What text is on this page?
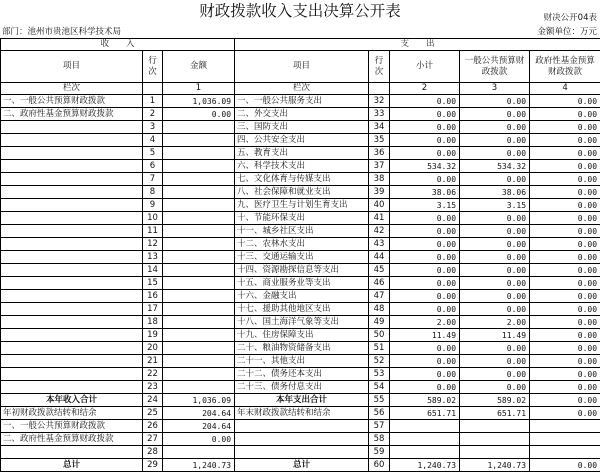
财政拨款收入支出决算公开表	财决公开04表
部门：池州市贵池区科学技术局	金额单位：万元
收　　入			支　　出				
项目	行次	金额	项目	行次	小计	一般公共预算财政拨款	政府性基金预算财政拨款
栏次		1	栏次		2	3	4
一、一般公共预算财政拨款	1	1,036.09	一、一般公共服务支出	32	0.00	0.00	0.00
二、政府性基金预算财政拨款	2	0.00	二、外交支出	33	0.00	0.00	0.00
	3		三、国防支出	34	0.00	0.00	0.00
	4		四、公共安全支出	35	0.00	0.00	0.00
	5		五、教育支出	36	0.00	0.00	0.00
	6		六、科学技术支出	37	534.32	534.32	0.00
	7		七、文化体育与传媒支出	38	0.00	0.00	0.00
	8		八、社会保障和就业支出	39	38.06	38.06	0.00
	9		九、医疗卫生与计划生育支出	40	3.15	3.15	0.00
	10		十、节能环保支出	41	0.00	0.00	0.00
	11		十一、城乡社区支出	42	0.00	0.00	0.00
	12		十二、农林水支出	43	0.00	0.00	0.00
	13		十三、交通运输支出	44	0.00	0.00	0.00
	14		十四、资源勘探信息等支出	45	0.00	0.00	0.00
	15		十五、商业服务业等支出	46	0.00	0.00	0.00
	16		十六、金融支出	47	0.00	0.00	0.00
	17		十七、援助其他地区支出	48	0.00	0.00	0.00
	18		十八、国土海洋气象等支出	49	2.00	2.00	0.00
	19		十九、住房保障支出	50	11.49	11.49	0.00
	20		二十、粮油物资储备支出	51	0.00	0.00	0.00
	21		二十一、其他支出	52	0.00	0.00	0.00
	22		二十二、债务还本支出	53	0.00	0.00	0.00
	23		二十三、债务付息支出	54	0.00	0.00	0.00
本年收入合计	24	1,036.09	本年支出合计	55	589.02	589.02	0.00
年初财政拨款结转和结余	25	204.64	年末财政拨款结转和结余	56	651.71	651.71	0.00
一、一般公共预算财政拨款	26	204.64		57			
二、政府性基金预算财政拨款	27	0.00		58			
	28			59			
总计	29	1,240.73	总计	60	1,240.73	1,240.73	0.00
